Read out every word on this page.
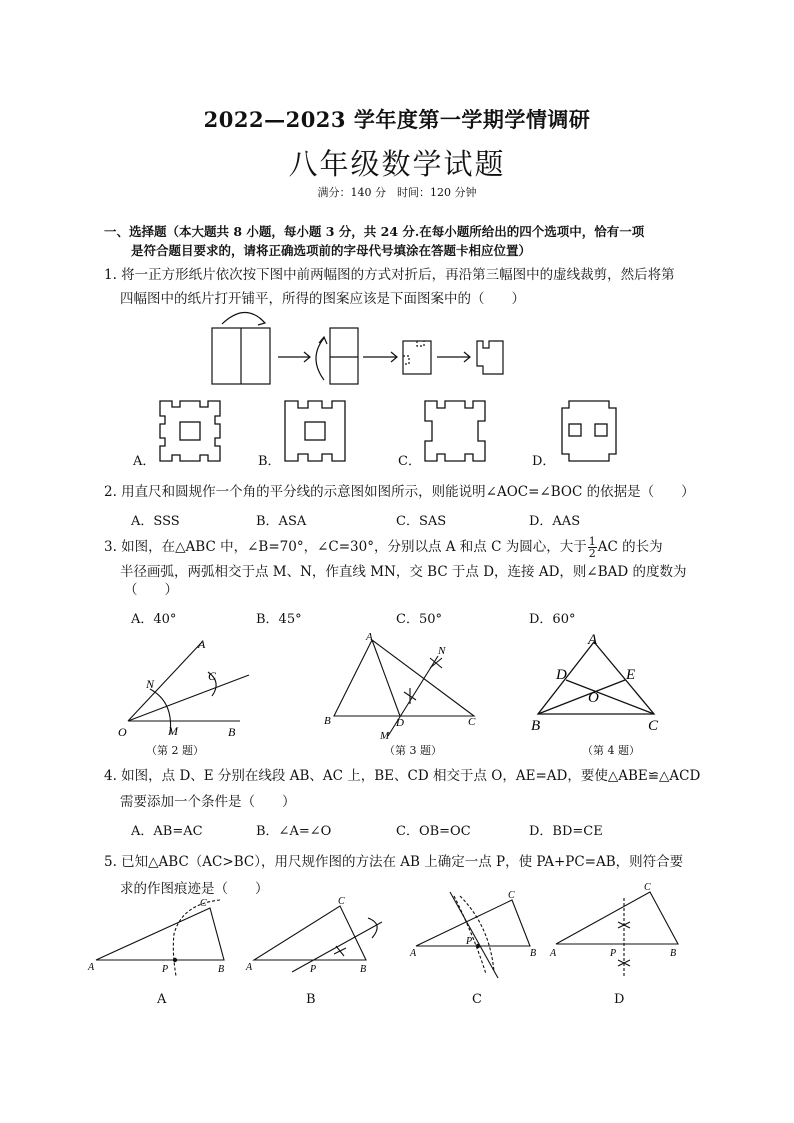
2022—2023 学年度第一学期学情调研
八年级数学试题
满分：140 分　时间：120 分钟
一、选择题（本大题共 8 小题，每小题 3 分，共 24 分.在每小题所给出的四个选项中，恰有一项
是符合题目要求的，请将正确选项前的字母代号填涂在答题卡相应位置）
1. 将一正方形纸片依次按下图中前两幅图的方式对折后，再沿第三幅图中的虚线裁剪，然后将第
四幅图中的纸片打开铺平，所得的图案应该是下面图案中的（　　）
A．	B．	C．	D．
2. 用直尺和圆规作一个角的平分线的示意图如图所示，则能说明∠AOC=∠BOC 的依据是（　　）
A．SSS	B．ASA	C．SAS	D．AAS
3. 如图，在△ABC 中，∠B=70°，∠C=30°，分别以点 A 和点 C 为圆心，大于 $\frac{1}{2}$ AC 的长为
半径画弧，两弧相交于点 M、N，作直线 MN，交 BC 于点 D，连接 AD，则∠BAD 的度数为
（　　）
A．40°	B．45°	C．50°	D．60°
A
N
C
O	M	B
（第 2 题）
A
N
B	D	C
M
（第 3 题）
A
D	E
O
B	C
（第 4 题）
4. 如图，点 D、E 分别在线段 AB、AC 上，BE、CD 相交于点 O，AE=AD，要使△ABE≌△ACD
需要添加一个条件是（　　）
A．AB=AC	B．∠A=∠O	C．OB=OC	D．BD=CE
5. 已知△ABC（AC>BC），用尺规作图的方法在 AB 上确定一点 P，使 PA+PC=AB，则符合要
求的作图痕迹是（　　）
A
C
P	B
A
A
C
P	B
B
A
C
P
B
C
A
C
P	B
D
